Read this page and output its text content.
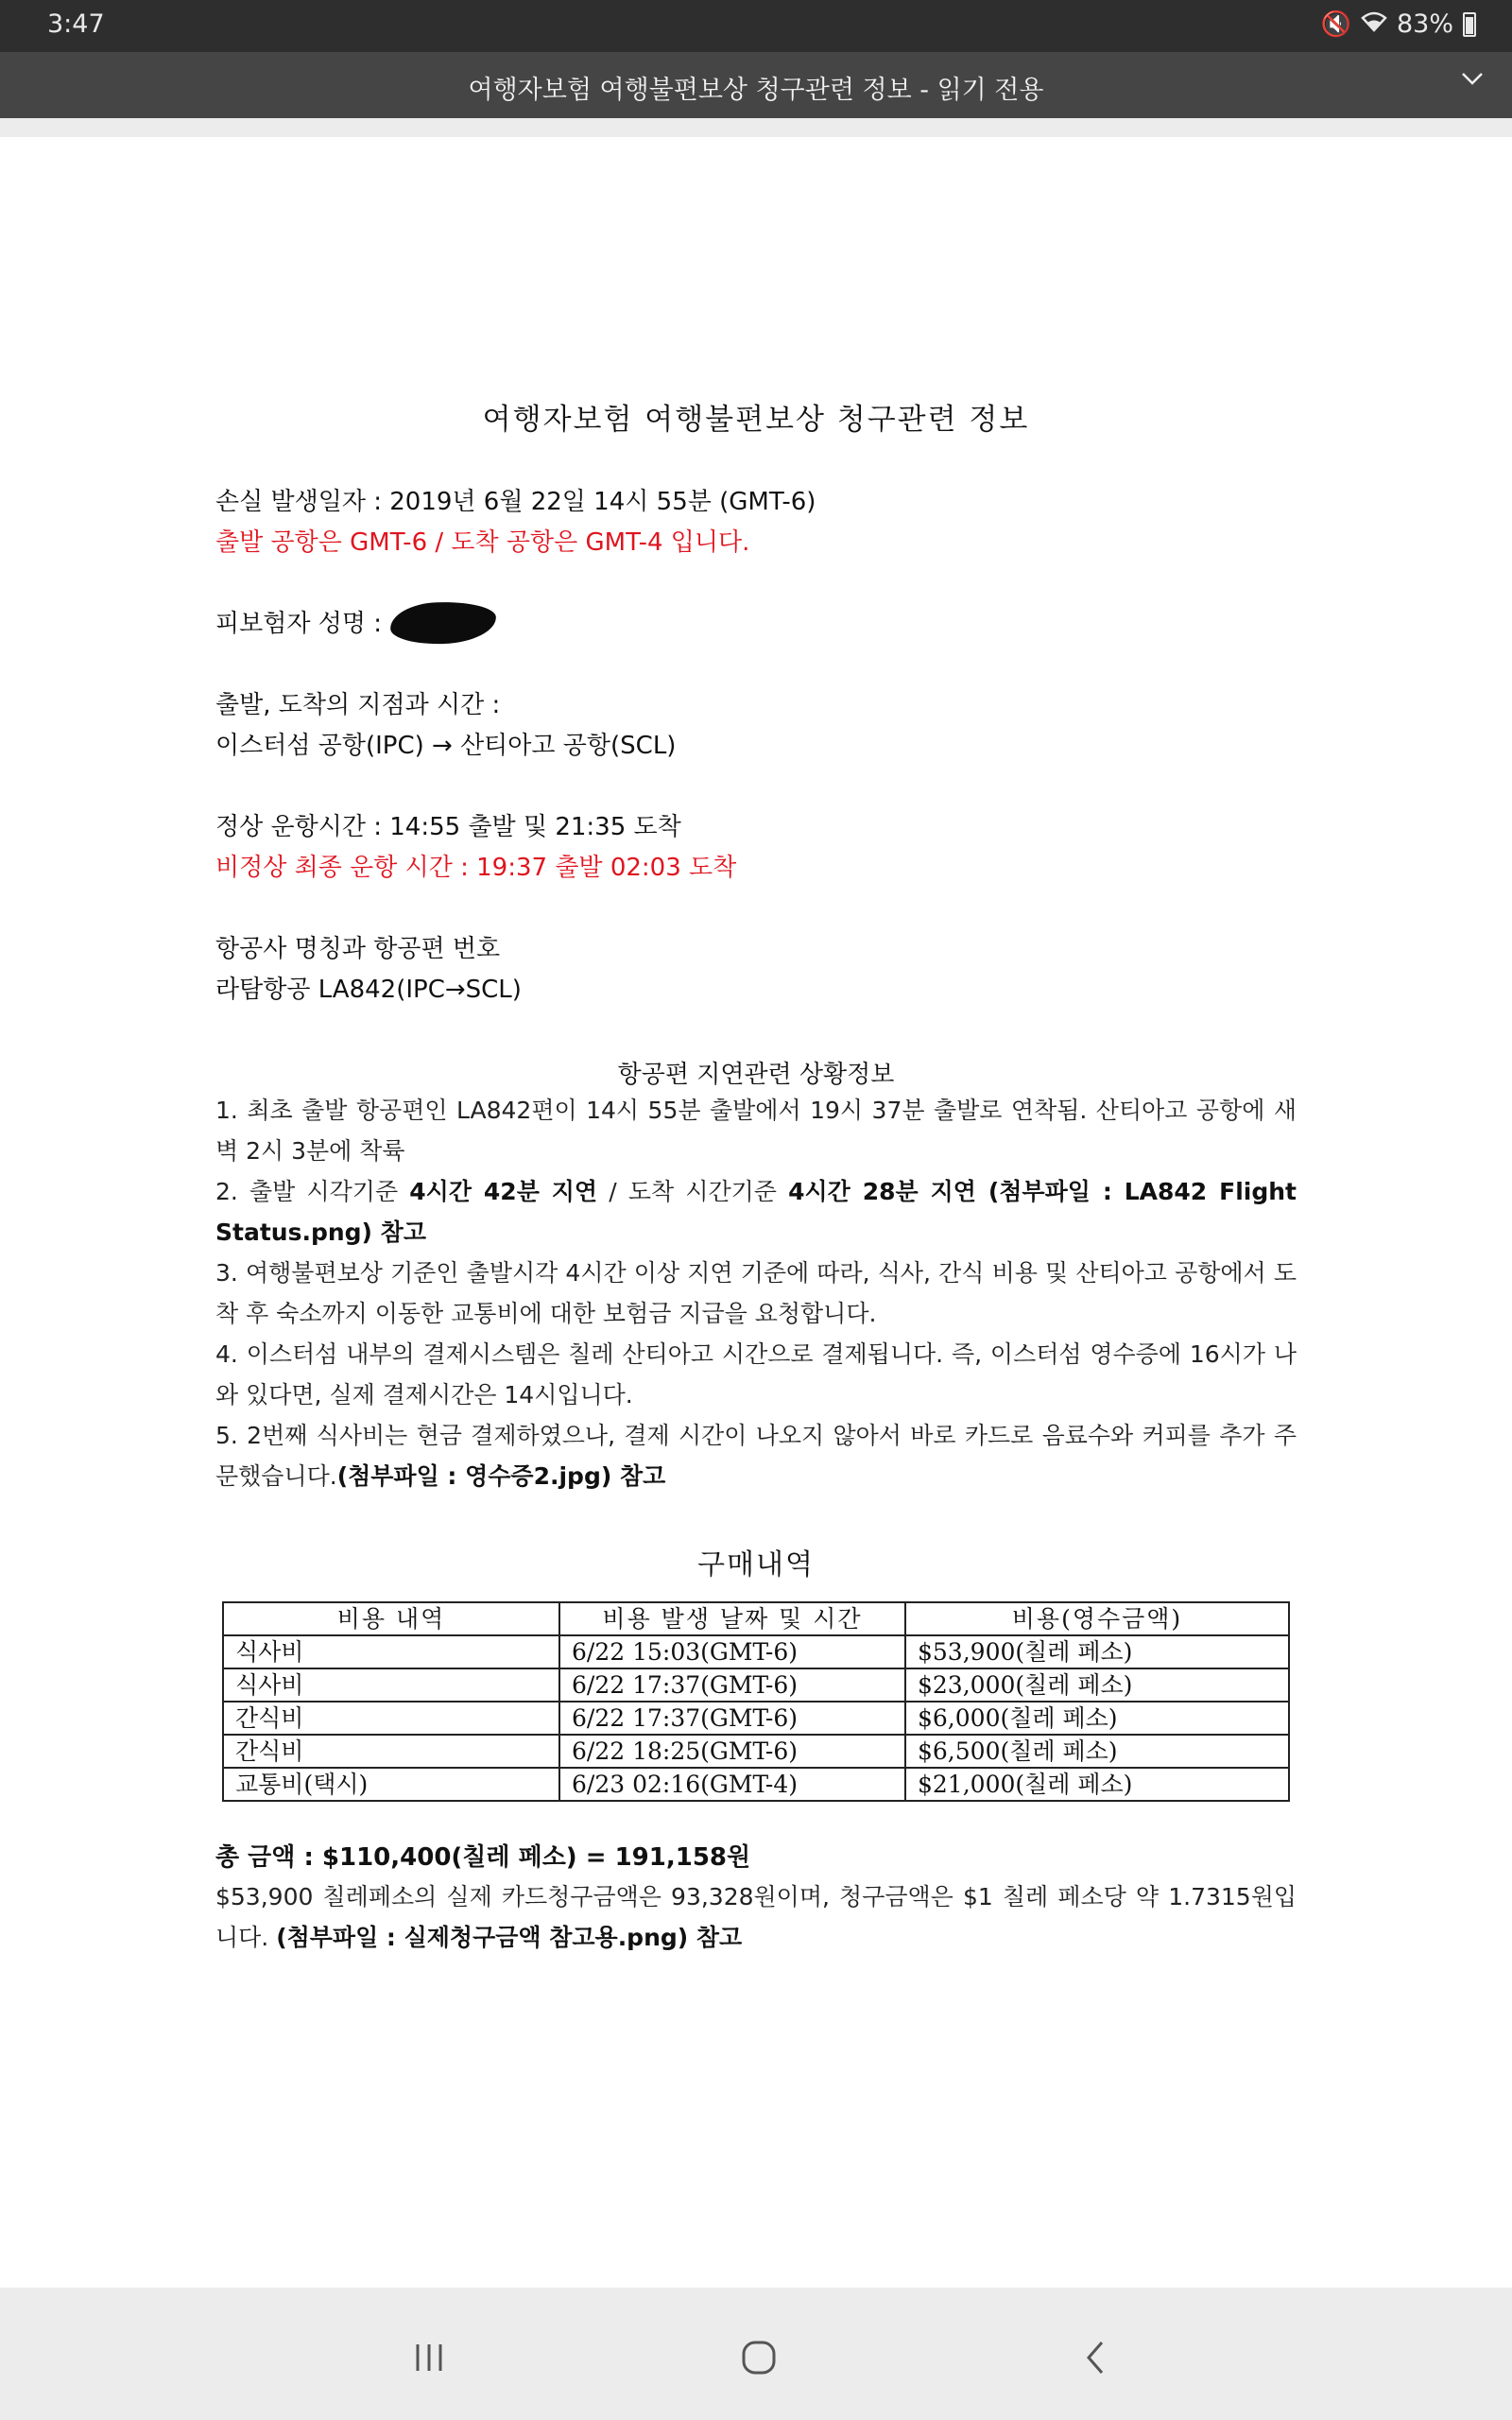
3:47	🔇 83%
여행자보험 여행불편보상 청구관련 정보 - 읽기 전용
여행자보험 여행불편보상 청구관련 정보
손실 발생일자 : 2019년 6월 22일 14시 55분 (GMT-6)
출발 공항은 GMT-6 / 도착 공항은 GMT-4 입니다.
피보험자 성명 :
출발, 도착의 지점과 시간 :
이스터섬 공항(IPC) → 산티아고 공항(SCL)
정상 운항시간 : 14:55 출발 및 21:35 도착
비정상 최종 운항 시간 : 19:37 출발 02:03 도착
항공사 명칭과 항공편 번호
라탐항공 LA842(IPC→SCL)
항공편 지연관련 상황정보
1. 최초 출발 항공편인 LA842편이 14시 55분 출발에서 19시 37분 출발로 연착됨. 산티아고 공항에 새벽 2시 3분에 착륙
2. 출발 시각기준 4시간 42분 지연 / 도착 시간기준 4시간 28분 지연 (첨부파일 : LA842 Flight Status.png) 참고
3. 여행불편보상 기준인 출발시각 4시간 이상 지연 기준에 따라, 식사, 간식 비용 및 산티아고 공항에서 도착 후 숙소까지 이동한 교통비에 대한 보험금 지급을 요청합니다.
4. 이스터섬 내부의 결제시스템은 칠레 산티아고 시간으로 결제됩니다. 즉, 이스터섬 영수증에 16시가 나와 있다면, 실제 결제시간은 14시입니다.
5. 2번째 식사비는 현금 결제하였으나, 결제 시간이 나오지 않아서 바로 카드로 음료수와 커피를 추가 주문했습니다.(첨부파일 : 영수증2.jpg) 참고
구매내역
비용 내역	비용 발생 날짜 및 시간	비용(영수금액)
식사비	6/22 15:03(GMT-6)	$53,900(칠레 페소)
식사비	6/22 17:37(GMT-6)	$23,000(칠레 페소)
간식비	6/22 17:37(GMT-6)	$6,000(칠레 페소)
간식비	6/22 18:25(GMT-6)	$6,500(칠레 페소)
교통비(택시)	6/23 02:16(GMT-4)	$21,000(칠레 페소)
총 금액 : $110,400(칠레 페소) = 191,158원
$53,900 칠레페소의 실제 카드청구금액은 93,328원이며, 청구금액은 $1 칠레 페소당 약 1.7315원입니다. (첨부파일 : 실제청구금액 참고용.png) 참고
